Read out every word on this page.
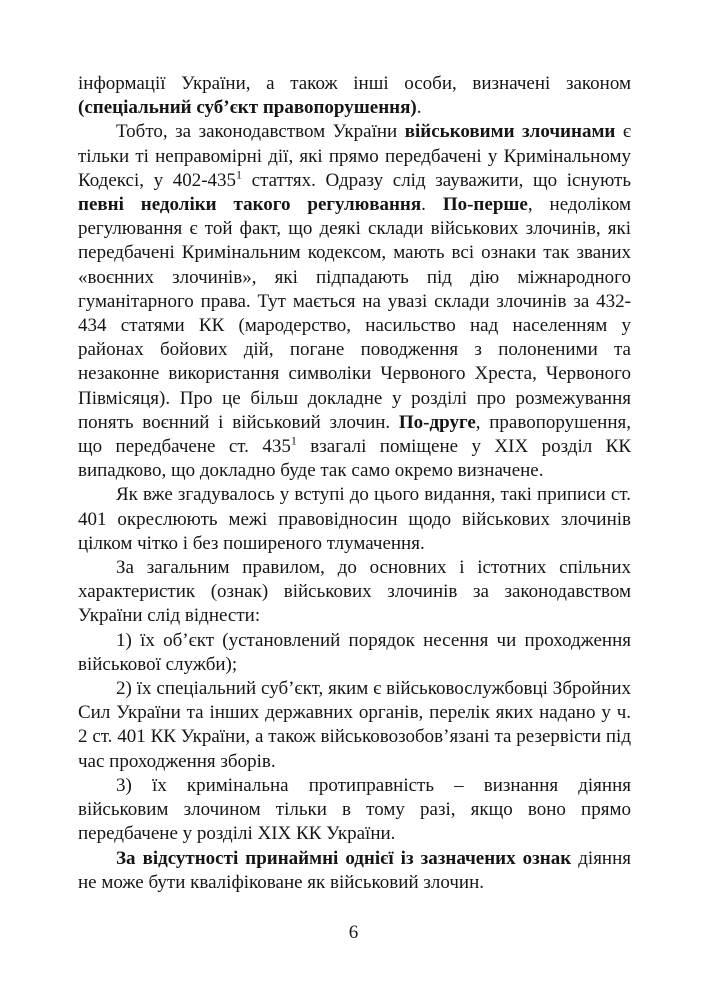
інформації України, а також інші особи, визначені законом (спеціальний суб’єкт правопорушення).

Тобто, за законодавством України військовими злочинами є тільки ті неправомірні дії, які прямо передбачені у Кримінальному Кодексі, у $402-435^1$ статтях. Одразу слід зауважити, що існують певні недоліки такого регулювання. По-перше, недоліком регулювання є той факт, що деякі склади військових злочинів, які передбачені Кримінальним кодексом, мають всі ознаки так званих «воєнних злочинів», які підпадають під дію міжнародного гуманітарного права. Тут мається на увазі склади злочинів за 432-434 статями КК (мародерство, насильство над населенням у районах бойових дій, погане поводження з полоненими та незаконне використання символіки Червоного Хреста, Червоного Півмісяця). Про це більш докладне у розділі про розмежування понять воєнний і військовий злочин. По-друге, правопорушення, що передбачене ст. $435^1$ взагалі поміщене у XIX розділ КК випадково, що докладно буде так само окремо визначене.

Як вже згадувалось у вступі до цього видання, такі приписи ст. 401 окреслюють межі правовідносин щодо військових злочинів цілком чітко і без поширеного тлумачення.

За загальним правилом, до основних і істотних спільних характеристик (ознак) військових злочинів за законодавством України слід віднести:

1) їх об’єкт (установлений порядок несення чи проходження військової служби);

2) їх спеціальний суб’єкт, яким є військовослужбовці Збройних Сил України та інших державних органів, перелік яких надано у ч. 2 ст. 401 КК України, а також військовозобов’язані та резервісти під час проходження зборів.

3) їх кримінальна протиправність – визнання діяння військовим злочином тільки в тому разі, якщо воно прямо передбачене у розділі XIX КК України.

За відсутності принаймні однієї із зазначених ознак діяння не може бути кваліфіковане як військовий злочин.

6
